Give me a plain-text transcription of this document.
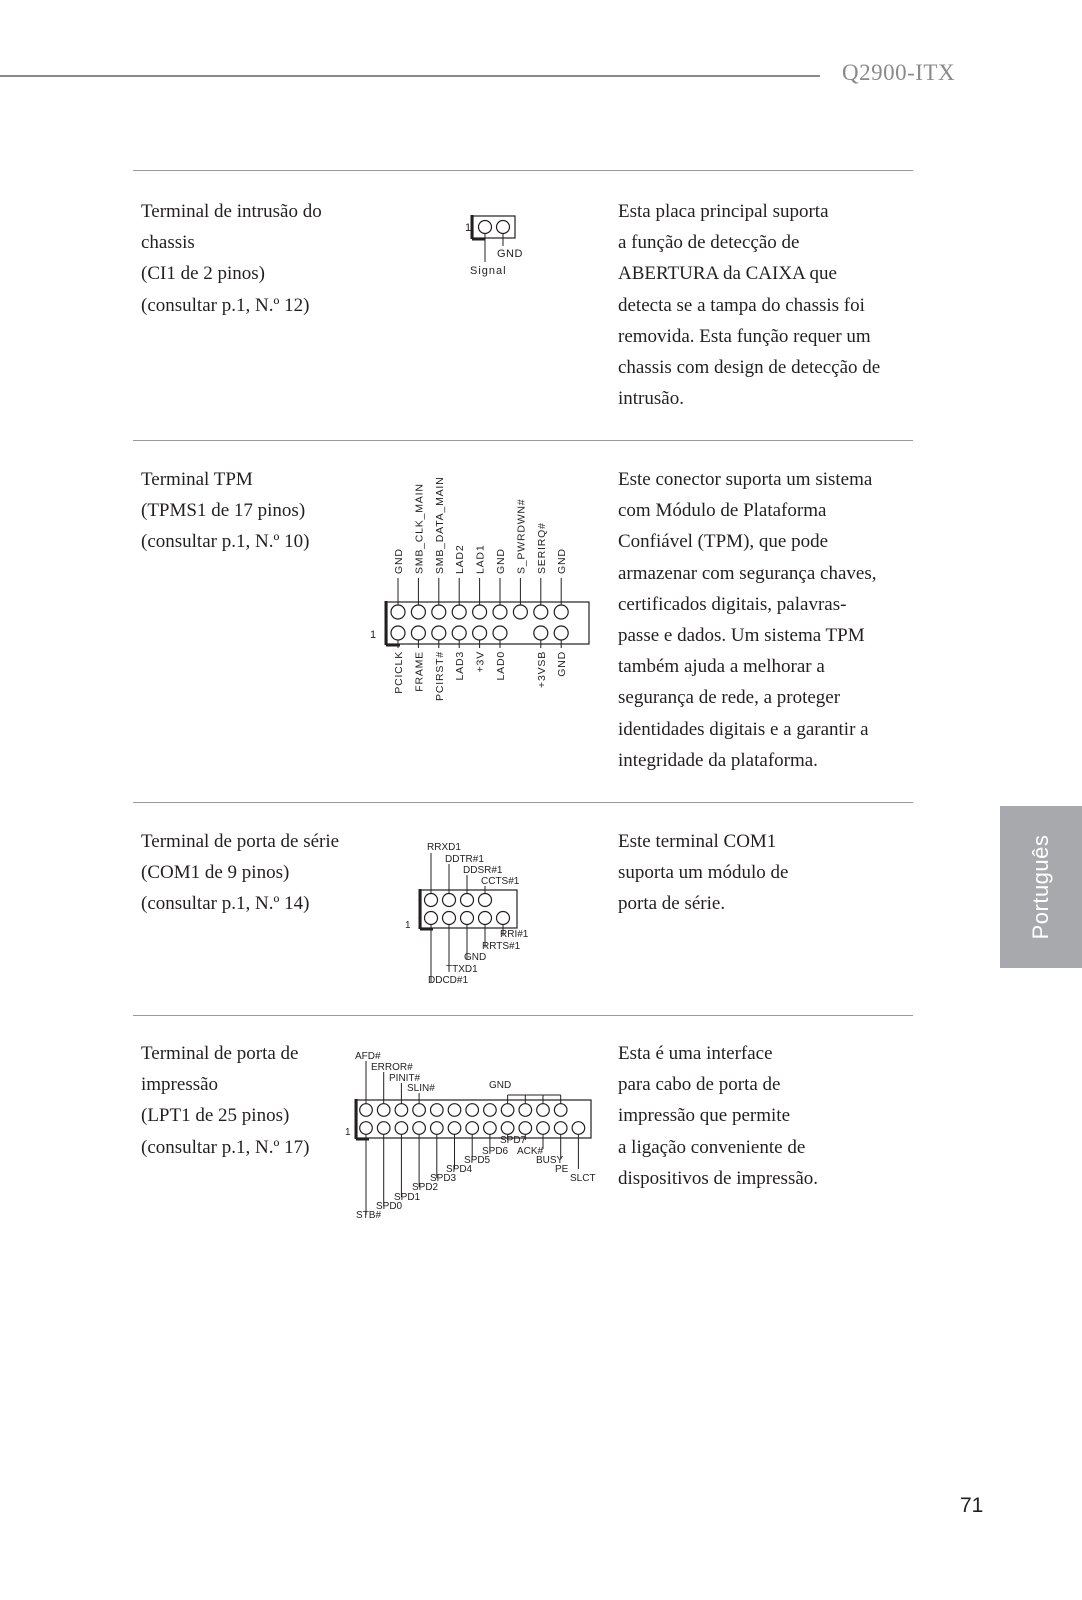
Q2900-ITX
Terminal de intrusão do
chassis
(CI1 de 2 pinos)
(consultar p.1, N.º 12)
Esta placa principal suporta
a função de detecção de
ABERTURA da CAIXA que
detecta se a tampa do chassis foi
removida. Esta função requer um
chassis com design de detecção de
intrusão.
1
GND
Signal
Terminal TPM
(TPMS1 de 17 pinos)
(consultar p.1, N.º 10)
Este conector suporta um sistema
com Módulo de Plataforma
Confiável (TPM), que pode
armazenar com segurança chaves,
certificados digitais, palavras-
passe e dados. Um sistema TPM
também ajuda a melhorar a
segurança de rede, a proteger
identidades digitais e a garantir a
integridade da plataforma.
1
GND SMB_CLK_MAIN SMB_DATA_MAIN LAD2 LAD1 GND S_PWRDWN# SERIRQ# GND
PCICLK FRAME PCIRST# LAD3 +3V LAD0	+3VSB GND
Terminal de porta de série
(COM1 de 9 pinos)
(consultar p.1, N.º 14)
Este terminal COM1
suporta um módulo de
porta de série.
RRXD1
DDTR#1
DDSR#1
CCTS#1
1
RRI#1
RRTS#1
GND
TTXD1
DDCD#1
Terminal de porta de
impressão
(LPT1 de 25 pinos)
(consultar p.1, N.º 17)
Esta é uma interface
para cabo de porta de
impressão que permite
a ligação conveniente de
dispositivos de impressão.
AFD#
ERROR#
PINIT#
SLIN#	GND
1
SPD7
SPD6 ACK#
SPD5	BUSY
SPD4	PE
SPD3	SLCT
SPD2
SPD1
SPD0
STB#
Português
71
